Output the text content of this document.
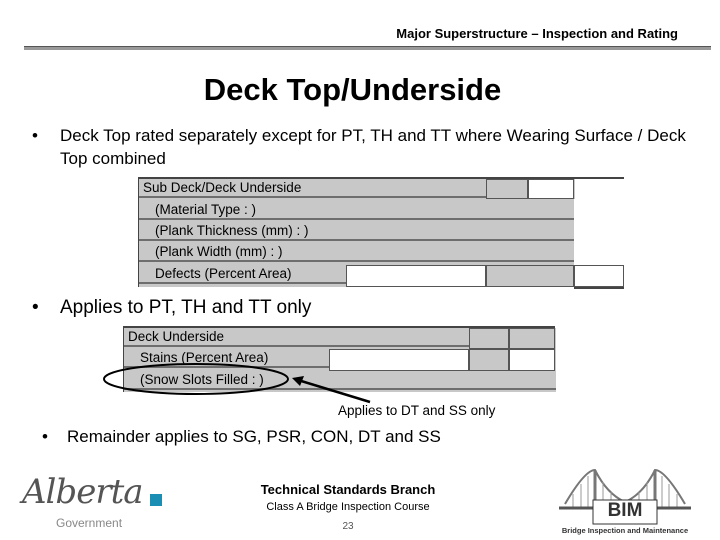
Major Superstructure – Inspection and Rating
Deck Top/Underside
• Deck Top rated separately except for PT, TH and TT where Wearing Surface / Deck Top combined
Sub Deck/Deck Underside
(Material Type : )
(Plank Thickness (mm) : )
(Plank Width (mm) : )
Defects (Percent Area)
• Applies to PT, TH and TT only
Deck Underside
Stains (Percent Area)
(Snow Slots Filled : )
Applies to DT and SS only
• Remainder applies to SG, PSR, CON, DT and SS
Technical Standards Branch
Class A Bridge Inspection Course
23
Alberta
Government
BIM
Bridge Inspection and Maintenance
